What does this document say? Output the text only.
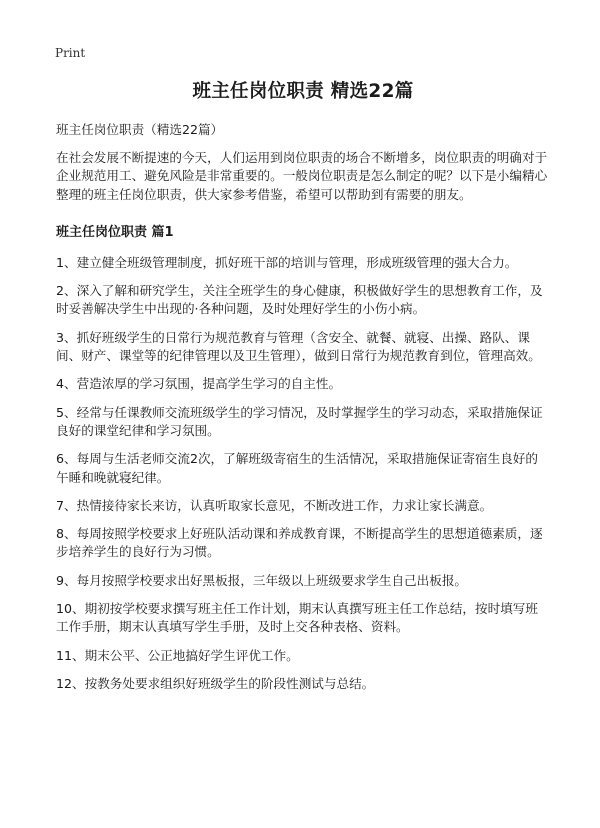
Print
班主任岗位职责 精选22篇
班主任岗位职责（精选22篇）
在社会发展不断提速的今天，人们运用到岗位职责的场合不断增多，岗位职责的明确对于企业规范用工、避免风险是非常重要的。一般岗位职责是怎么制定的呢？以下是小编精心整理的班主任岗位职责，供大家参考借鉴，希望可以帮助到有需要的朋友。
班主任岗位职责 篇1
1、建立健全班级管理制度，抓好班干部的培训与管理，形成班级管理的强大合力。
2、深入了解和研究学生，关注全班学生的身心健康，积极做好学生的思想教育工作，及时妥善解决学生中出现的·各种问题，及时处理好学生的小伤小病。
3、抓好班级学生的日常行为规范教育与管理（含安全、就餐、就寝、出操、路队、课间、财产、课堂等的纪律管理以及卫生管理），做到日常行为规范教育到位，管理高效。
4、营造浓厚的学习氛围，提高学生学习的自主性。
5、经常与任课教师交流班级学生的学习情况，及时掌握学生的学习动态，采取措施保证良好的课堂纪律和学习氛围。
6、每周与生活老师交流2次，了解班级寄宿生的生活情况，采取措施保证寄宿生良好的午睡和晚就寝纪律。
7、热情接待家长来访，认真听取家长意见，不断改进工作，力求让家长满意。
8、每周按照学校要求上好班队活动课和养成教育课，不断提高学生的思想道德素质，逐步培养学生的良好行为习惯。
9、每月按照学校要求出好黑板报，三年级以上班级要求学生自己出板报。
10、期初按学校要求撰写班主任工作计划，期末认真撰写班主任工作总结，按时填写班工作手册，期末认真填写学生手册，及时上交各种表格、资料。
11、期末公平、公正地搞好学生评优工作。
12、按教务处要求组织好班级学生的阶段性测试与总结。
